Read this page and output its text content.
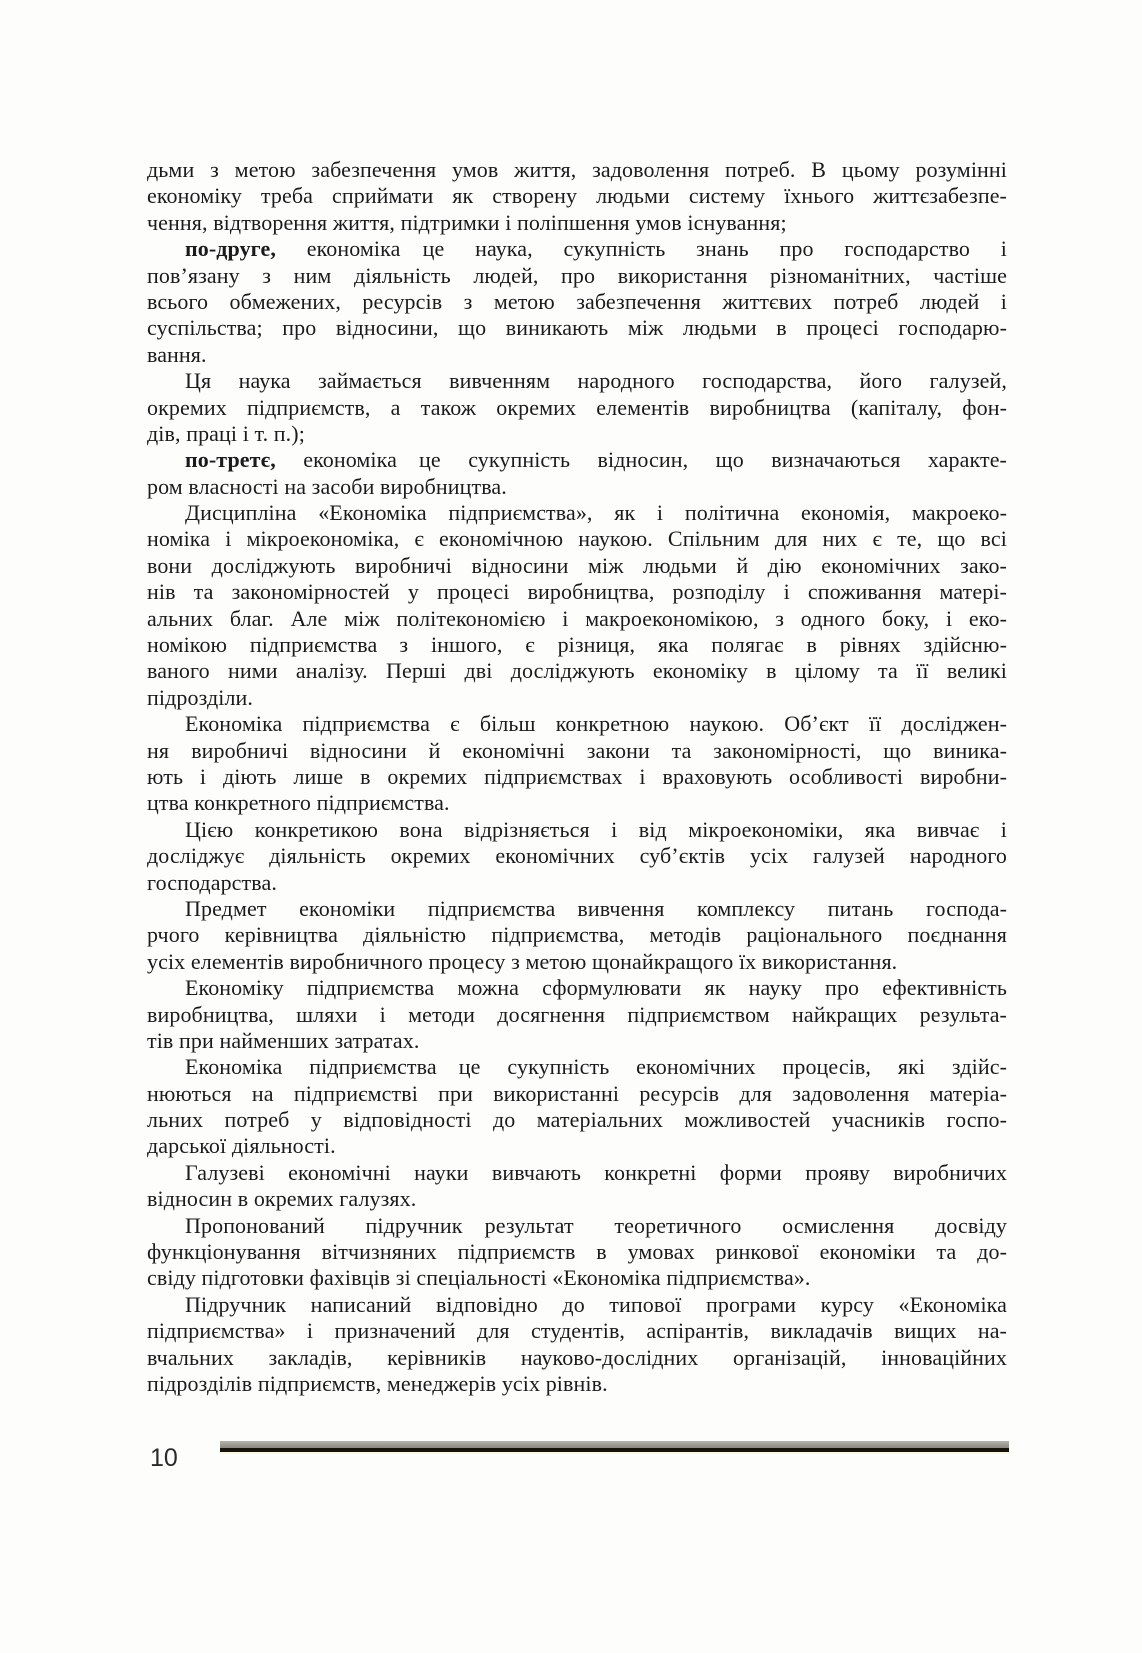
дьми з метою забезпечення умов життя, задоволення потреб. В цьому розумінні
економіку треба сприймати як створену людьми систему їхнього життєзабезпе-
чення, відтворення життя, підтримки і поліпшення умов існування;
по-друге, економіка це наука, сукупність знань про господарство і
пов’язану з ним діяльність людей, про використання різноманітних, частіше
всього обмежених, ресурсів з метою забезпечення життєвих потреб людей і
суспільства; про відносини, що виникають між людьми в процесі господарю-
вання.
Ця наука займається вивченням народного господарства, його галузей,
окремих підприємств, а також окремих елементів виробництва (капіталу, фон-
дів, праці і т. п.);
по-третє, економіка це сукупність відносин, що визначаються характе-
ром власності на засоби виробництва.
Дисципліна «Економіка підприємства», як і політична економія, макроеко-
номіка і мікроекономіка, є економічною наукою. Спільним для них є те, що всі
вони досліджують виробничі відносини між людьми й дію економічних зако-
нів та закономірностей у процесі виробництва, розподілу і споживання матері-
альних благ. Але між політекономією і макроекономікою, з одного боку, і еко-
номікою підприємства з іншого, є різниця, яка полягає в рівнях здійсню-
ваного ними аналізу. Перші дві досліджують економіку в цілому та її великі
підрозділи.
Економіка підприємства є більш конкретною наукою. Об’єкт її досліджен-
ня виробничі відносини й економічні закони та закономірності, що виника-
ють і діють лише в окремих підприємствах і враховують особливості виробни-
цтва конкретного підприємства.
Цією конкретикою вона відрізняється і від мікроекономіки, яка вивчає і
досліджує діяльність окремих економічних суб’єктів усіх галузей народного
господарства.
Предмет економіки підприємства вивчення комплексу питань господа-
рчого керівництва діяльністю підприємства, методів раціонального поєднання
усіх елементів виробничного процесу з метою щонайкращого їх використання.
Економіку підприємства можна сформулювати як науку про ефективність
виробництва, шляхи і методи досягнення підприємством найкращих результа-
тів при найменших затратах.
Економіка підприємства це сукупність економічних процесів, які здійс-
нюються на підприємстві при використанні ресурсів для задоволення матеріа-
льних потреб у відповідності до матеріальних можливостей учасників госпо-
дарської діяльності.
Галузеві економічні науки вивчають конкретні форми прояву виробничих
відносин в окремих галузях.
Пропонований підручник результат теоретичного осмислення досвіду
функціонування вітчизняних підприємств в умовах ринкової економіки та до-
свіду підготовки фахівців зі спеціальності «Економіка підприємства».
Підручник написаний відповідно до типової програми курсу «Економіка
підприємства» і призначений для студентів, аспірантів, викладачів вищих на-
вчальних закладів, керівників науково-дослідних організацій, інноваційних
підрозділів підприємств, менеджерів усіх рівнів.
10
